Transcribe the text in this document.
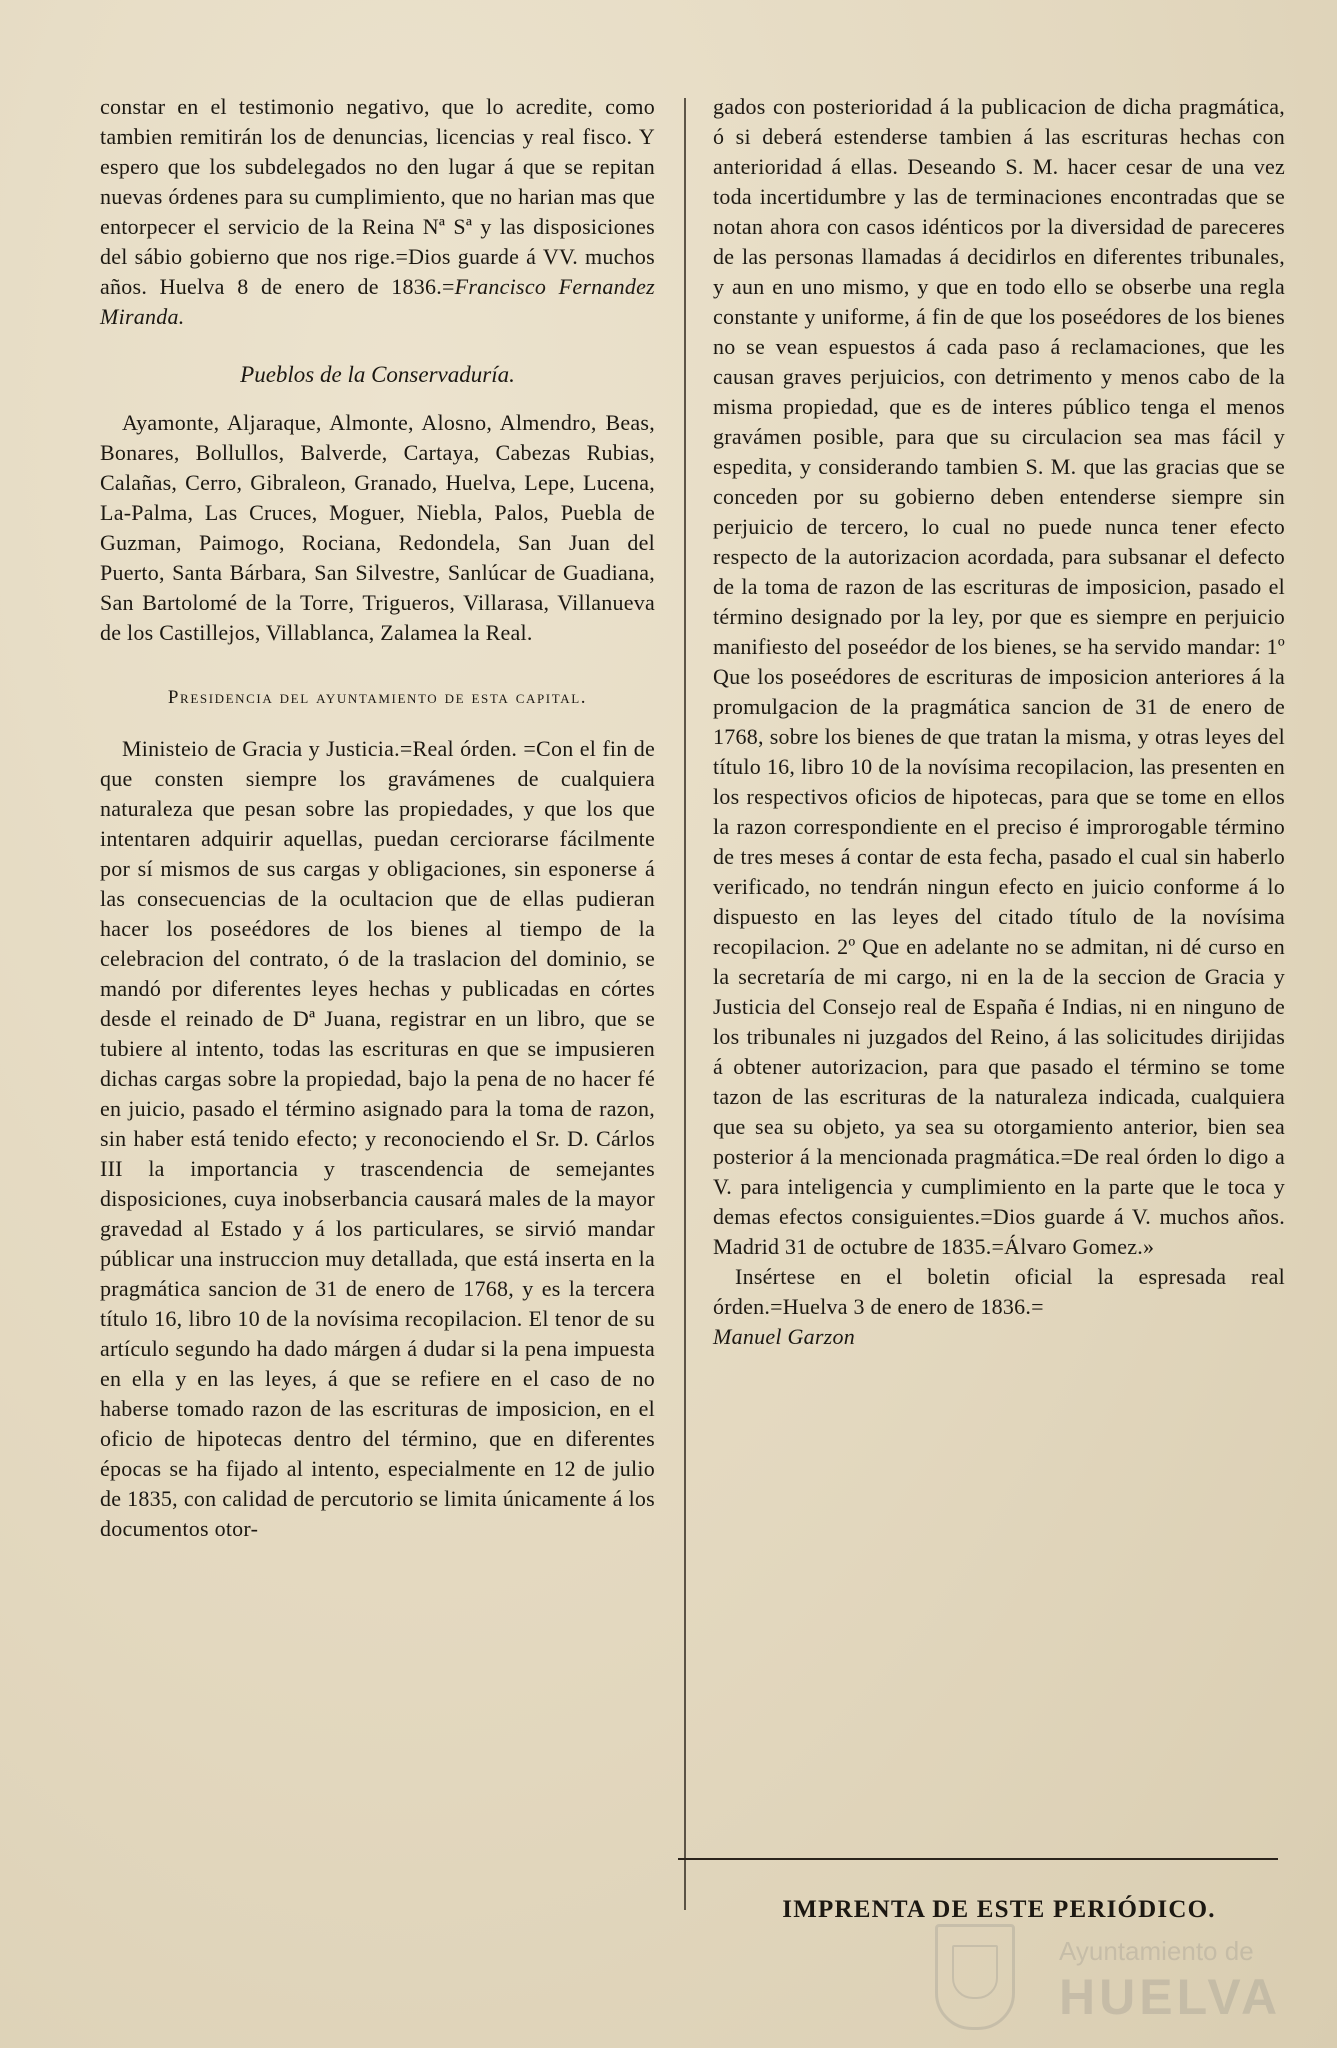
constar en el testimonio negativo, que lo acredite, como tambien remitirán los de denuncias, licencias y real fisco. Y espero que los subdelegados no den lugar á que se repitan nuevas órdenes para su cumplimiento, que no harian mas que entorpecer el servicio de la Reina Nª Sª y las disposiciones del sábio gobierno que nos rige.=Dios guarde á VV. muchos años. Huelva 8 de enero de 1836.=Francisco Fernandez Miranda.

Pueblos de la Conservaduría.

Ayamonte, Aljaraque, Almonte, Alosno, Almendro, Beas, Bonares, Bollullos, Balverde, Cartaya, Cabezas Rubias, Calañas, Cerro, Gibraleon, Granado, Huelva, Lepe, Lucena, La-Palma, Las Cruces, Moguer, Niebla, Palos, Puebla de Guzman, Paimogo, Rociana, Redondela, San Juan del Puerto, Santa Bárbara, San Silvestre, Sanlúcar de Guadiana, San Bartolomé de la Torre, Trigueros, Villarasa, Villanueva de los Castillejos, Villablanca, Zalamea la Real.

Presidencia del ayuntamiento de esta capital.

Ministeio de Gracia y Justicia.=Real órden. =Con el fin de que consten siempre los gravámenes de cualquiera naturaleza que pesan sobre las propiedades, y que los que intentaren adquirir aquellas, puedan cerciorarse fácilmente por sí mismos de sus cargas y obligaciones, sin esponerse á las consecuencias de la ocultacion que de ellas pudieran hacer los poseédores de los bienes al tiempo de la celebracion del contrato, ó de la traslacion del dominio, se mandó por diferentes leyes hechas y publicadas en córtes desde el reinado de Dª Juana, registrar en un libro, que se tubiere al intento, todas las escrituras en que se impusieren dichas cargas sobre la propiedad, bajo la pena de no hacer fé en juicio, pasado el término asignado para la toma de razon, sin haber está tenido efecto; y reconociendo el Sr. D. Cárlos III la importancia y trascendencia de semejantes disposiciones, cuya inobserbancia causará males de la mayor gravedad al Estado y á los particulares, se sirvió mandar públicar una instruccion muy detallada, que está inserta en la pragmática sancion de 31 de enero de 1768, y es la tercera título 16, libro 10 de la novísima recopilacion. El tenor de su artículo segundo ha dado márgen á dudar si la pena impuesta en ella y en las leyes, á que se refiere en el caso de no haberse tomado razon de las escrituras de imposicion, en el oficio de hipotecas dentro del término, que en diferentes épocas se ha fijado al intento, especialmente en 12 de julio de 1835, con calidad de percutorio se limita únicamente á los documentos otor-

gados con posterioridad á la publicacion de dicha pragmática, ó si deberá estenderse tambien á las escrituras hechas con anterioridad á ellas. Deseando S. M. hacer cesar de una vez toda incertidumbre y las de terminaciones encontradas que se notan ahora con casos idénticos por la diversidad de pareceres de las personas llamadas á decidirlos en diferentes tribunales, y aun en uno mismo, y que en todo ello se obserbe una regla constante y uniforme, á fin de que los poseédores de los bienes no se vean espuestos á cada paso á reclamaciones, que les causan graves perjuicios, con detrimento y menos cabo de la misma propiedad, que es de interes público tenga el menos gravámen posible, para que su circulacion sea mas fácil y espedita, y considerando tambien S. M. que las gracias que se conceden por su gobierno deben entenderse siempre sin perjuicio de tercero, lo cual no puede nunca tener efecto respecto de la autorizacion acordada, para subsanar el defecto de la toma de razon de las escrituras de imposicion, pasado el término designado por la ley, por que es siempre en perjuicio manifiesto del poseédor de los bienes, se ha servido mandar: 1º Que los poseédores de escrituras de imposicion anteriores á la promulgacion de la pragmática sancion de 31 de enero de 1768, sobre los bienes de que tratan la misma, y otras leyes del título 16, libro 10 de la novísima recopilacion, las presenten en los respectivos oficios de hipotecas, para que se tome en ellos la razon correspondiente en el preciso é improrogable término de tres meses á contar de esta fecha, pasado el cual sin haberlo verificado, no tendrán ningun efecto en juicio conforme á lo dispuesto en las leyes del citado título de la novísima recopilacion. 2º Que en adelante no se admitan, ni dé curso en la secretaría de mi cargo, ni en la de la seccion de Gracia y Justicia del Consejo real de España é Indias, ni en ninguno de los tribunales ni juzgados del Reino, á las solicitudes dirijidas á obtener autorizacion, para que pasado el término se tome tazon de las escrituras de la naturaleza indicada, cualquiera que sea su objeto, ya sea su otorgamiento anterior, bien sea posterior á la mencionada pragmática.=De real órden lo digo a V. para inteligencia y cumplimiento en la parte que le toca y demas efectos consiguientes.=Dios guarde á V. muchos años. Madrid 31 de octubre de 1835.=Álvaro Gomez.»

Insértese en el boletin oficial la espresada real órden.=Huelva 3 de enero de 1836.=
Manuel Garzon

IMPRENTA DE ESTE PERIÓDICO.
Ayuntamiento de
HUELVA
